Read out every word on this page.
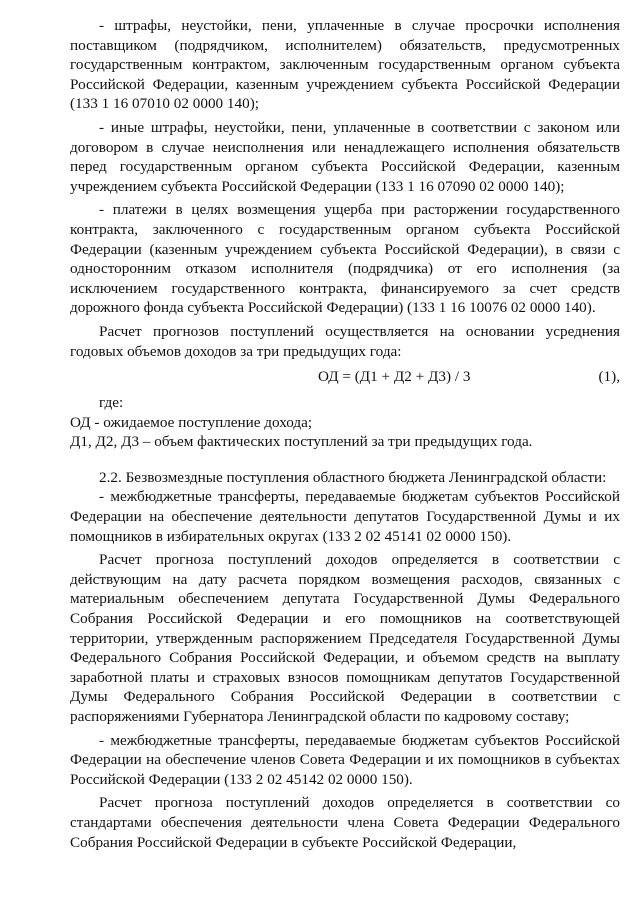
- штрафы, неустойки, пени, уплаченные в случае просрочки исполнения поставщиком (подрядчиком, исполнителем) обязательств, предусмотренных государственным контрактом, заключенным государственным органом субъекта Российской Федерации, казенным учреждением субъекта Российской Федерации (133 1 16 07010 02 0000 140);

- иные штрафы, неустойки, пени, уплаченные в соответствии с законом или договором в случае неисполнения или ненадлежащего исполнения обязательств перед государственным органом субъекта Российской Федерации, казенным учреждением субъекта Российской Федерации (133 1 16 07090 02 0000 140);

- платежи в целях возмещения ущерба при расторжении государственного контракта, заключенного с государственным органом субъекта Российской Федерации (казенным учреждением субъекта Российской Федерации), в связи с односторонним отказом исполнителя (подрядчика) от его исполнения (за исключением государственного контракта, финансируемого за счет средств дорожного фонда субъекта Российской Федерации) (133 1 16 10076 02 0000 140).

Расчет прогнозов поступлений осуществляется на основании усреднения годовых объемов доходов за три предыдущих года:

ОД = (Д1 + Д2 + Д3) / 3	(1),

где:

ОД - ожидаемое поступление дохода;

Д1, Д2, Д3 – объем фактических поступлений за три предыдущих года.

2.2. Безвозмездные поступления областного бюджета Ленинградской области:

- межбюджетные трансферты, передаваемые бюджетам субъектов Российской Федерации на обеспечение деятельности депутатов Государственной Думы и их помощников в избирательных округах (133 2 02 45141 02 0000 150).

Расчет прогноза поступлений доходов определяется в соответствии с действующим на дату расчета порядком возмещения расходов, связанных с материальным обеспечением депутата Государственной Думы Федерального Собрания Российской Федерации и его помощников на соответствующей территории, утвержденным распоряжением Председателя Государственной Думы Федерального Собрания Российской Федерации, и объемом средств на выплату заработной платы и страховых взносов помощникам депутатов Государственной Думы Федерального Собрания Российской Федерации в соответствии с распоряжениями Губернатора Ленинградской области по кадровому составу;

- межбюджетные трансферты, передаваемые бюджетам субъектов Российской Федерации на обеспечение членов Совета Федерации и их помощников в субъектах Российской Федерации (133 2 02 45142 02 0000 150).

Расчет прогноза поступлений доходов определяется в соответствии со стандартами обеспечения деятельности члена Совета Федерации Федерального Собрания Российской Федерации в субъекте Российской Федерации,
